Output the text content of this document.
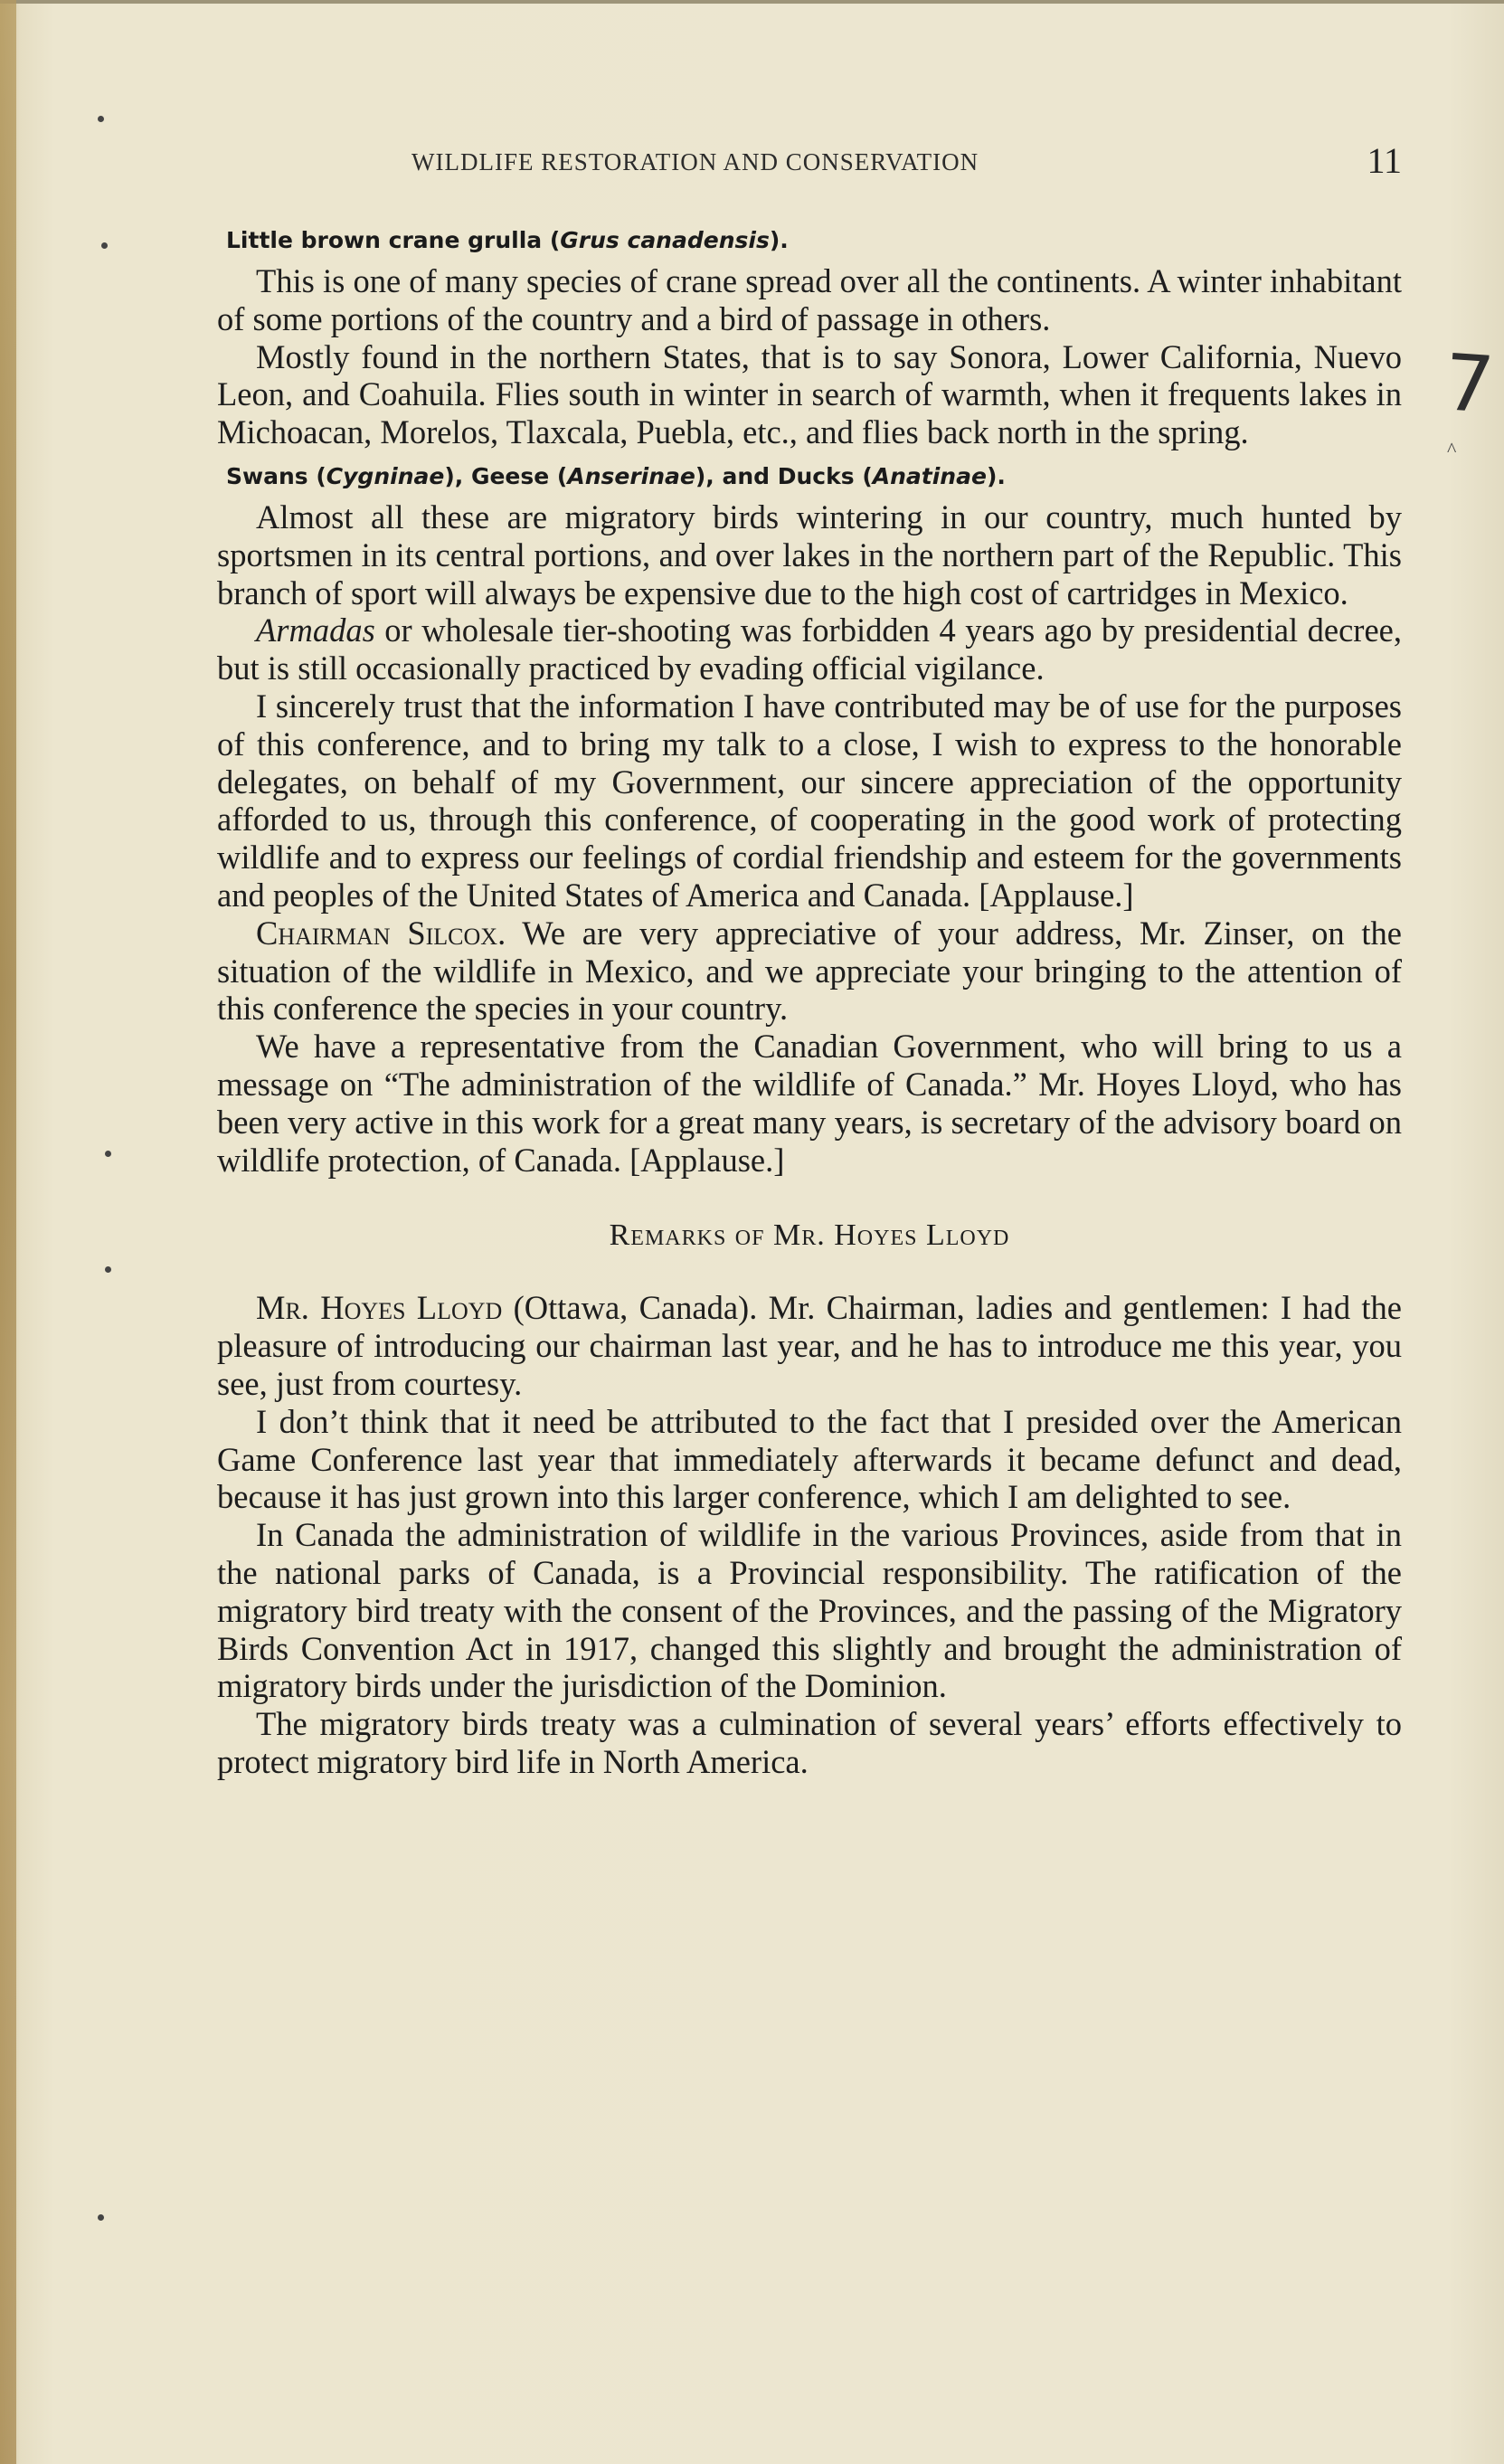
WILDLIFE RESTORATION AND CONSERVATION	11
7
^
Little brown crane grulla (Grus canadensis).

This is one of many species of crane spread over all the continents. A winter inhabitant of some portions of the country and a bird of passage in others.

Mostly found in the northern States, that is to say Sonora, Lower California, Nuevo Leon, and Coahuila. Flies south in winter in search of warmth, when it frequents lakes in Michoacan, Morelos, Tlaxcala, Puebla, etc., and flies back north in the spring.

Swans (Cygninae), Geese (Anserinae), and Ducks (Anatinae).

Almost all these are migratory birds wintering in our country, much hunted by sportsmen in its central portions, and over lakes in the northern part of the Republic. This branch of sport will always be expensive due to the high cost of cartridges in Mexico.

Armadas or wholesale tier-shooting was forbidden 4 years ago by presidential decree, but is still occasionally practiced by evading official vigilance.

I sincerely trust that the information I have contributed may be of use for the purposes of this conference, and to bring my talk to a close, I wish to express to the honorable delegates, on behalf of my Government, our sincere appreciation of the opportunity afforded to us, through this conference, of cooperating in the good work of protecting wildlife and to express our feelings of cordial friendship and esteem for the governments and peoples of the United States of America and Canada. [Applause.]

Chairman Silcox. We are very appreciative of your address, Mr. Zinser, on the situation of the wildlife in Mexico, and we appreciate your bringing to the attention of this conference the species in your country.

We have a representative from the Canadian Government, who will bring to us a message on “The administration of the wildlife of Canada.” Mr. Hoyes Lloyd, who has been very active in this work for a great many years, is secretary of the advisory board on wildlife protection, of Canada. [Applause.]

Remarks of Mr. Hoyes Lloyd

Mr. Hoyes Lloyd (Ottawa, Canada). Mr. Chairman, ladies and gentlemen: I had the pleasure of introducing our chairman last year, and he has to introduce me this year, you see, just from courtesy.

I don’t think that it need be attributed to the fact that I presided over the American Game Conference last year that immediately afterwards it became defunct and dead, because it has just grown into this larger conference, which I am delighted to see.

In Canada the administration of wildlife in the various Provinces, aside from that in the national parks of Canada, is a Provincial responsibility. The ratification of the migratory bird treaty with the consent of the Provinces, and the passing of the Migratory Birds Convention Act in 1917, changed this slightly and brought the administration of migratory birds under the jurisdiction of the Dominion.

The migratory birds treaty was a culmination of several years’ efforts effectively to protect migratory bird life in North America.
